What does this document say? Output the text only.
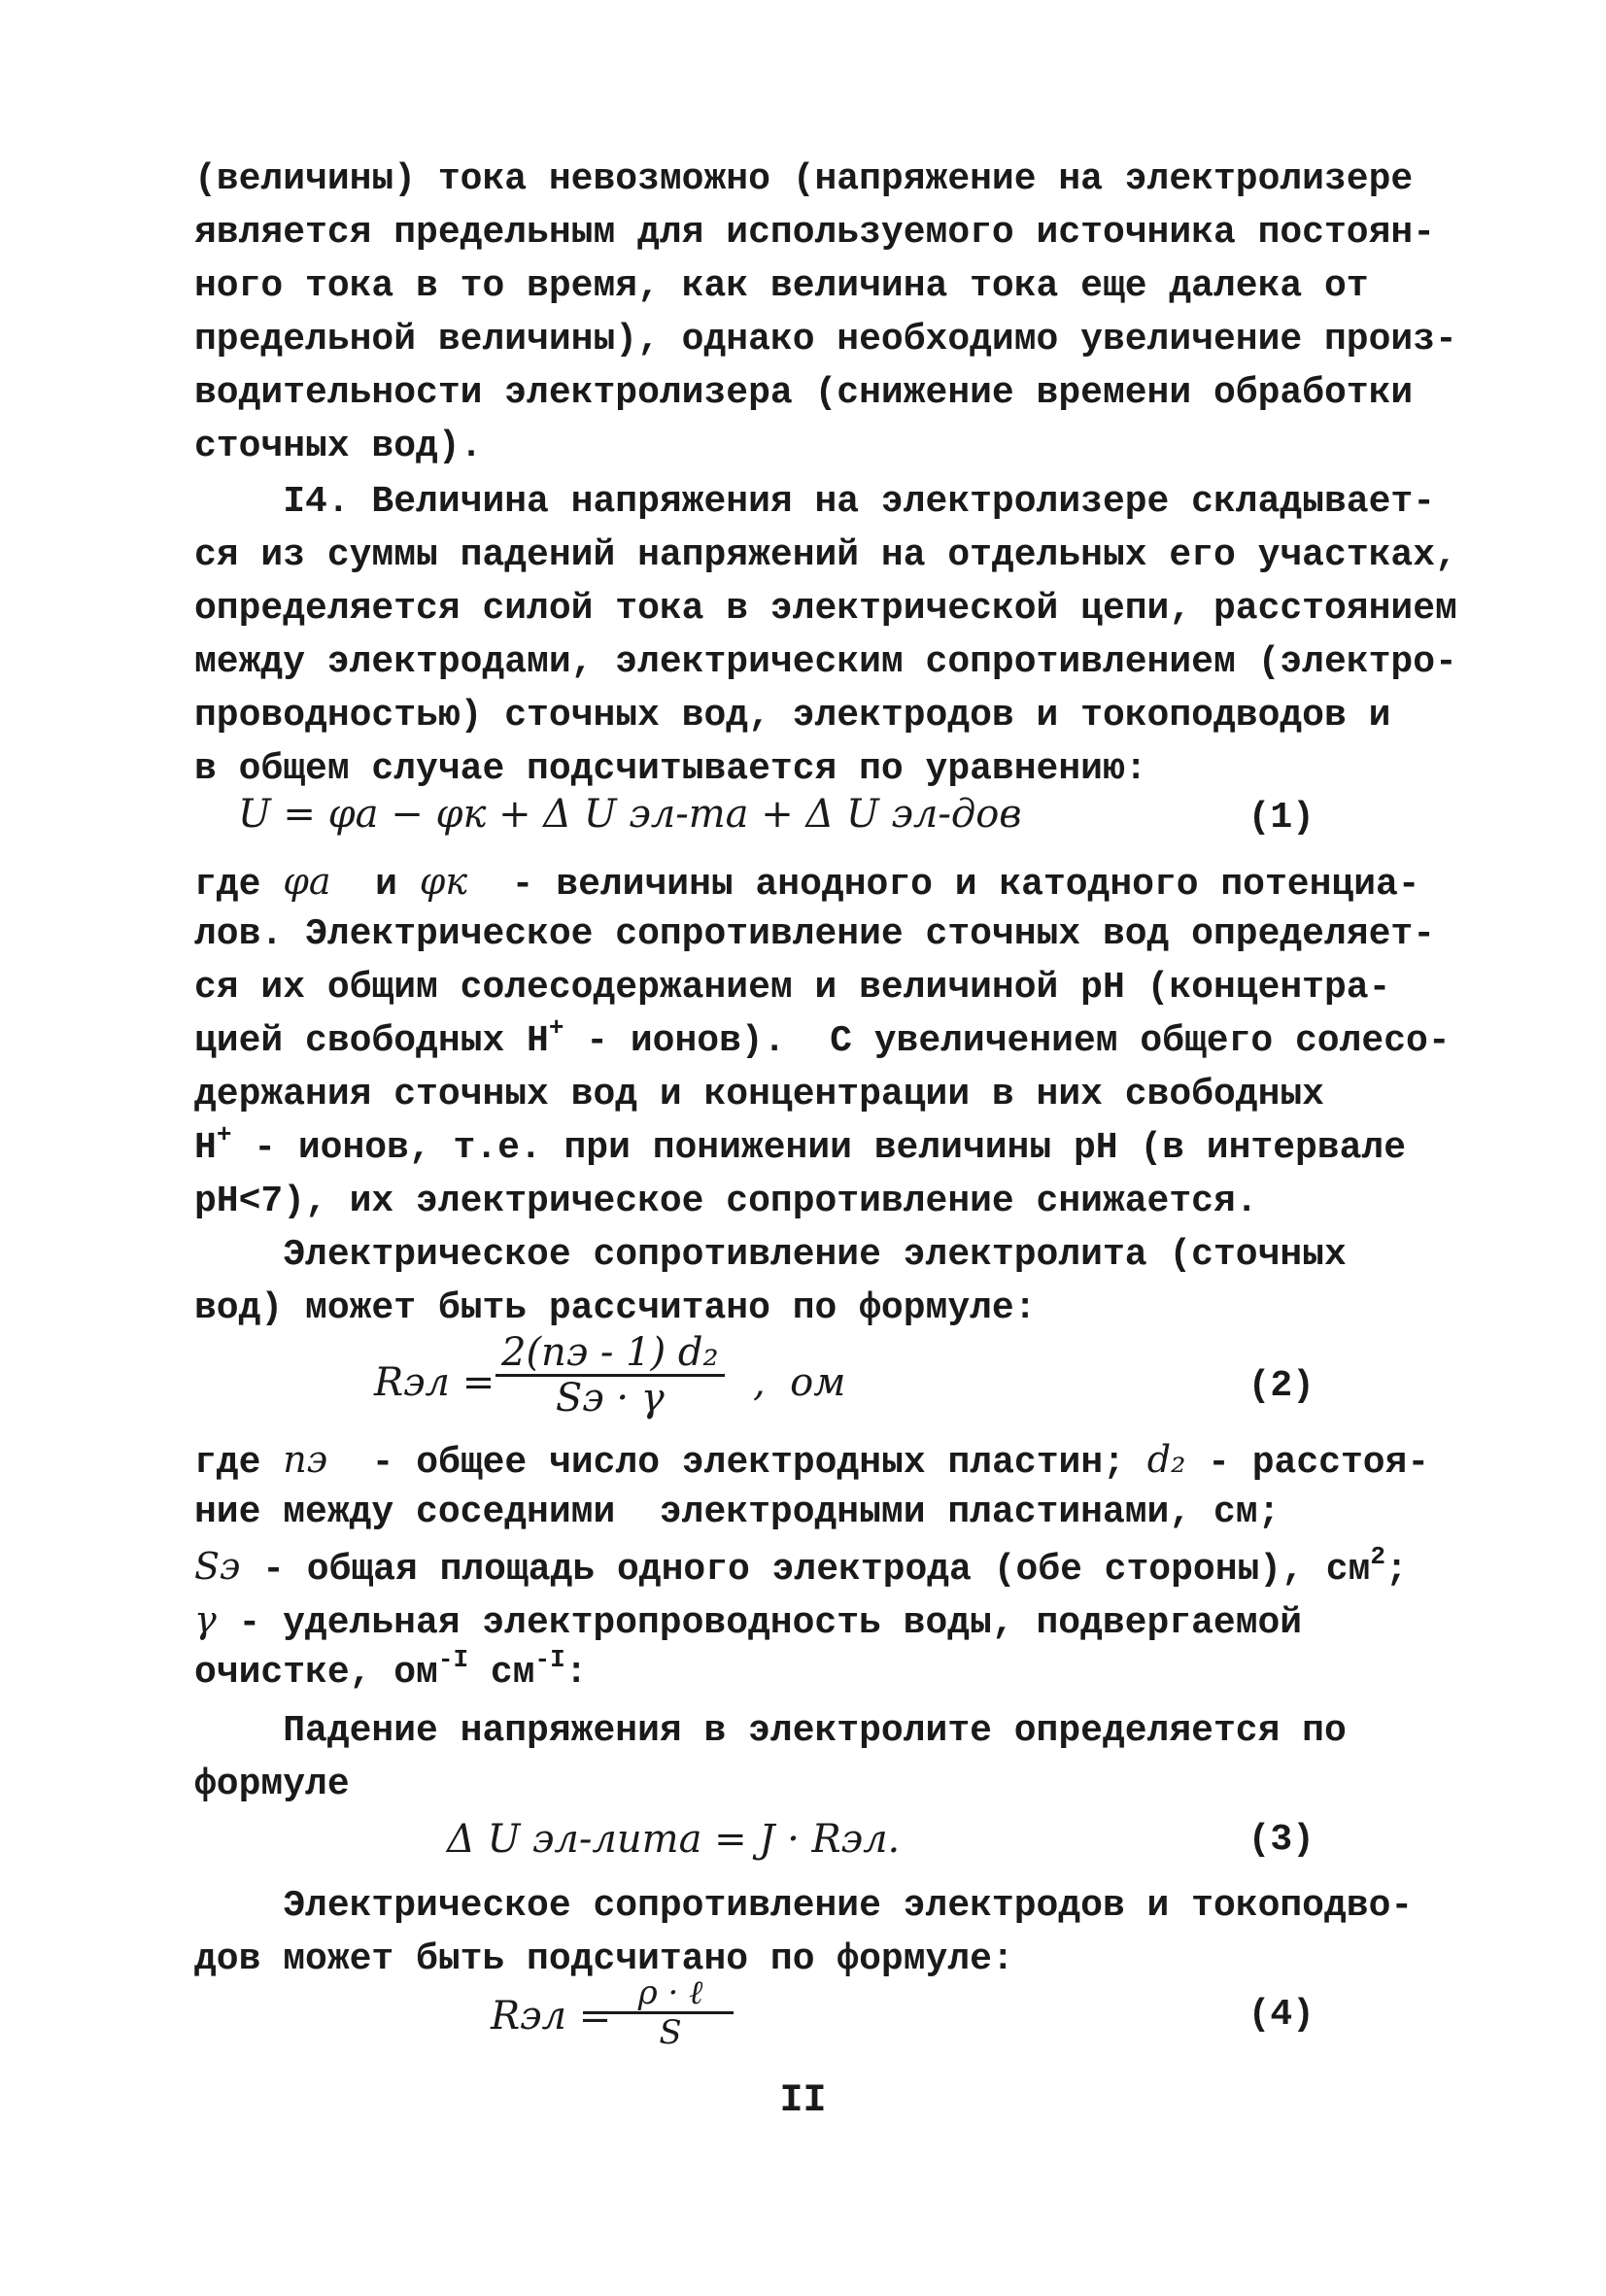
(величины) тока невозможно (напряжение на электролизере
является предельным для используемого источника постоян-
ного тока в то время, как величина тока еще далека от
предельной величины), однако необходимо увеличение произ-
водительности электролизера (снижение времени обработки
сточных вод).
I4. Величина напряжения на электролизере складывает-
ся из суммы падений напряжений на отдельных его участках,
определяется силой тока в электрической цепи, расстоянием
между электродами, электрическим сопротивлением (электро-
проводностью) сточных вод, электродов и токоподводов и
в общем случае подсчитывается по уравнению:
U = φa − φк + Δ U эл-та + Δ U эл-дов	(1)
где φа и φк  - величины анодного и катодного потенциа-
лов. Электрическое сопротивление сточных вод определяет-
ся их общим солесодержанием и величиной pH (концентра-
цией свободных H+ - ионов).  С увеличением общего солесо-
держания сточных вод и концентрации в них свободных
H+ - ионов, т.е. при понижении величины pH (в интервале
pH<7), их электрическое сопротивление снижается.
Электрическое сопротивление электролита (сточных
вод) может быть рассчитано по формуле:
Rэл =
2(nэ - 1) d₂
Sэ · γ ,  ом	(2)
где nэ  - общее число электродных пластин; d₂ - расстоя-
ние между соседними  электродными пластинами, см;
Sэ - общая площадь одного электрода (обе стороны), $см^2$;
γ - удельная электропроводность воды, подвергаемой
очистке, $ом^{-I}$ $см^{-I}$:
Падение напряжения в электролите определяется по
формуле
Δ U эл-лита = J · Rэл.	(3)
Электрическое сопротивление электродов и токоподво-
дов может быть подсчитано по формуле:
Rэл =
ρ · ℓ
S	(4)
II
